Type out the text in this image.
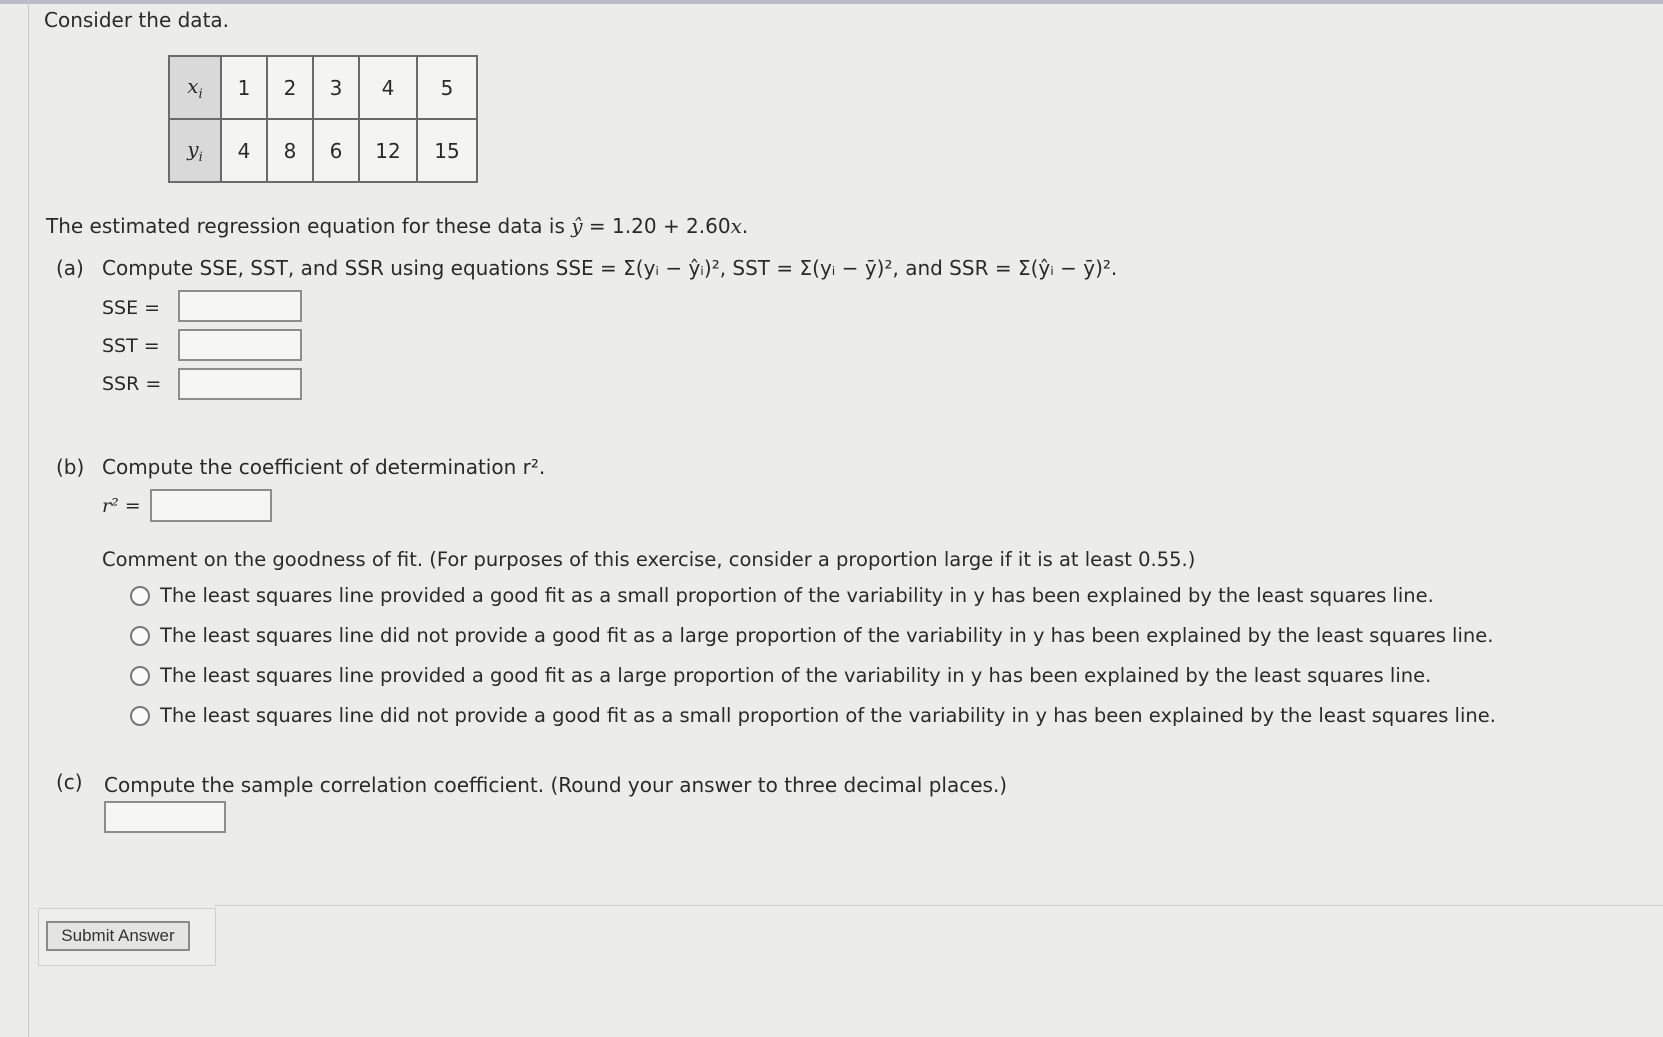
Consider the data.
$x_i$	1	2	3	4	5
$y_i$	4	8	6	12	15
The estimated regression equation for these data is ŷ = 1.20 + 2.60x.
(a) Compute SSE, SST, and SSR using equations SSE = Σ(yᵢ − ŷᵢ)², SST = Σ(yᵢ − ȳ)², and SSR = Σ(ŷᵢ − ȳ)².
SSE =
SST =
SSR =
(b) Compute the coefficient of determination r².
r² =
Comment on the goodness of fit. (For purposes of this exercise, consider a proportion large if it is at least 0.55.)
The least squares line provided a good fit as a small proportion of the variability in y has been explained by the least squares line.
The least squares line did not provide a good fit as a large proportion of the variability in y has been explained by the least squares line.
The least squares line provided a good fit as a large proportion of the variability in y has been explained by the least squares line.
The least squares line did not provide a good fit as a small proportion of the variability in y has been explained by the least squares line.
(c) Compute the sample correlation coefficient. (Round your answer to three decimal places.)
Submit Answer
